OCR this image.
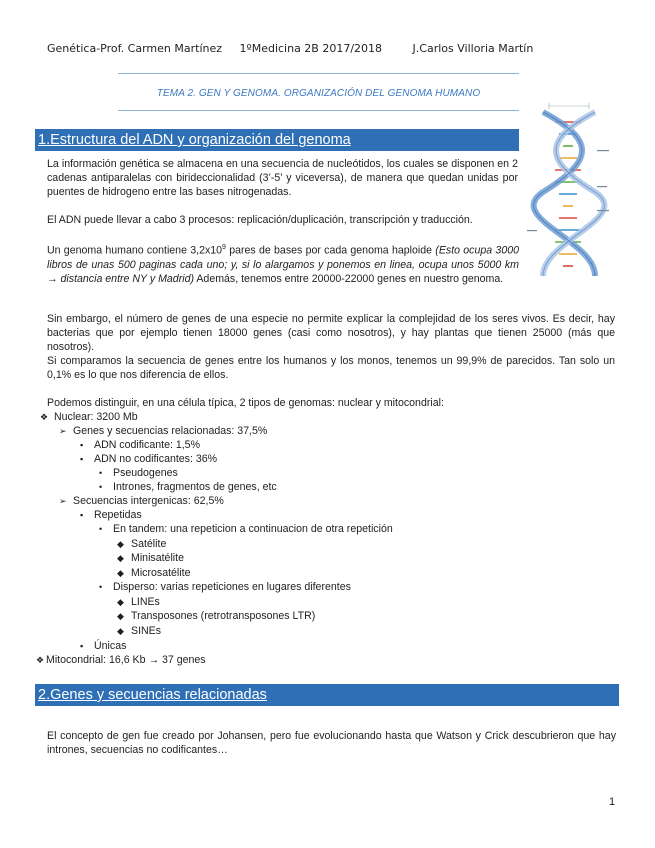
Genética-Prof. Carmen Martínez 1ºMedicina 2B 2017/2018	J.Carlos Villoria Martín
TEMA 2. GEN Y GENOMA. ORGANIZACIÓN DEL GENOMA HUMANO
1.Estructura del ADN y organización del genoma
La información genética se almacena en una secuencia de nucleótidos, los cuales se disponen en 2 cadenas antiparalelas con birideccionalidad (3’-5’ y viceversa), de manera que quedan unidas por puentes de hidrogeno entre las bases nitrogenadas.
El ADN puede llevar a cabo 3 procesos: replicación/duplicación, transcripción y traducción.
Un genoma humano contiene $3,2x10^9$ pares de bases por cada genoma haploide (Esto ocupa 3000 libros de unas 500 paginas cada uno; y, si lo alargamos y ponemos en linea, ocupa unos 5000 km → distancia entre NY y Madrid) Además, tenemos entre 20000-22000 genes en nuestro genoma.
Sin embargo, el número de genes de una especie no permite explicar la complejidad de los seres vivos. Es decir, hay bacterias que por ejemplo tienen 18000 genes (casi como nosotros), y hay plantas que tienen 25000 (más que nosotros).
Si comparamos la secuencia de genes entre los humanos y los monos, tenemos un 99,9% de parecidos. Tan solo un 0,1% es lo que nos diferencia de ellos.
Podemos distinguir, en una célula típica, 2 tipos de genomas: nuclear y mitocondrial:
❖ Nuclear: 3200 Mb
➢ Genes y secuencias relacionadas: 37,5%
▪ ADN codificante: 1,5%
▪ ADN no codificantes: 36%
• Pseudogenes
• Intrones, fragmentos de genes, etc
➢ Secuencias intergenicas: 62,5%
▪ Repetidas
• En tandem: una repeticion a continuacion de otra repetición
◆ Satélite
◆ Minisatélite
◆ Microsatélite
• Disperso: varias repeticiones en lugares diferentes
◆ LINEs
◆ Transposones (retrotransposones LTR)
◆ SINEs
▪ Únicas
❖ Mitocondrial: 16,6 Kb → 37 genes
2.Genes y secuencias relacionadas
El concepto de gen fue creado por Johansen, pero fue evolucionando hasta que Watson y Crick descubrieron que hay intrones, secuencias no codificantes…
1
